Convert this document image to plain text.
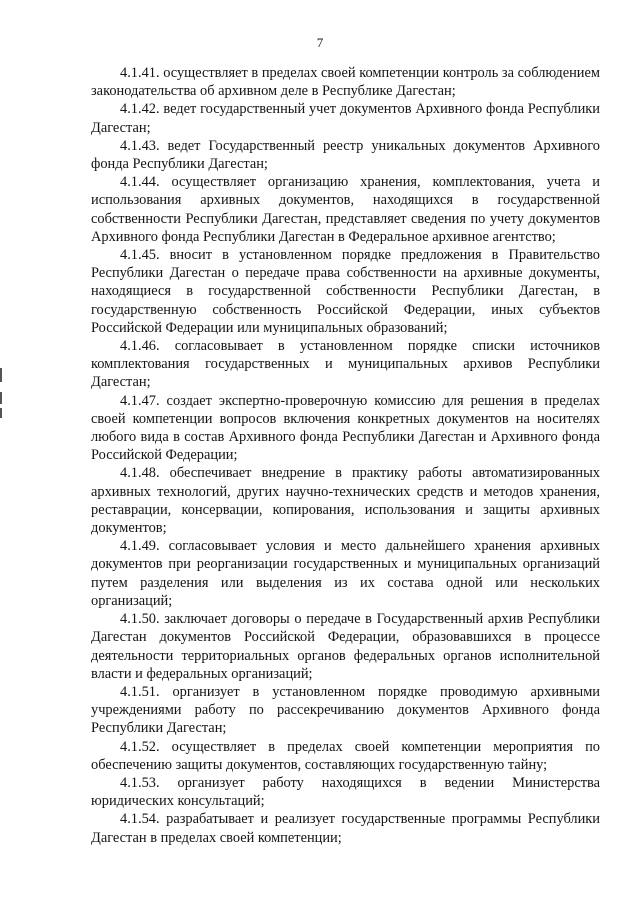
7

4.1.41. осуществляет в пределах своей компетенции контроль за соблюдением законодательства об архивном деле в Республике Дагестан;

4.1.42. ведет государственный учет документов Архивного фонда Республики Дагестан;

4.1.43. ведет Государственный реестр уникальных документов Архивного фонда Республики Дагестан;

4.1.44. осуществляет организацию хранения, комплектования, учета и использования архивных документов, находящихся в государственной собственности Республики Дагестан, представляет сведения по учету документов Архивного фонда Республики Дагестан в Федеральное архивное агентство;

4.1.45. вносит в установленном порядке предложения в Правительство Республики Дагестан о передаче права собственности на архивные документы, находящиеся в государственной собственности Республики Дагестан, в государственную собственность Российской Федерации, иных субъектов Российской Федерации или муниципальных образований;

4.1.46. согласовывает в установленном порядке списки источников комплектования государственных и муниципальных архивов Республики Дагестан;

4.1.47. создает экспертно-проверочную комиссию для решения в пределах своей компетенции вопросов включения конкретных документов на носителях любого вида в состав Архивного фонда Республики Дагестан и Архивного фонда Российской Федерации;

4.1.48. обеспечивает внедрение в практику работы автоматизированных архивных технологий, других научно-технических средств и методов хранения, реставрации, консервации, копирования, использования и защиты архивных документов;

4.1.49. согласовывает условия и место дальнейшего хранения архивных документов при реорганизации государственных и муниципальных организаций путем разделения или выделения из их состава одной или нескольких организаций;

4.1.50. заключает договоры о передаче в Государственный архив Республики Дагестан документов Российской Федерации, образовавшихся в процессе деятельности территориальных органов федеральных органов исполнительной власти и федеральных организаций;

4.1.51. организует в установленном порядке проводимую архивными учреждениями работу по рассекречиванию документов Архивного фонда Республики Дагестан;

4.1.52. осуществляет в пределах своей компетенции мероприятия по обеспечению защиты документов, составляющих государственную тайну;

4.1.53. организует работу находящихся в ведении Министерства юридических консультаций;

4.1.54. разрабатывает и реализует государственные программы Республики Дагестан в пределах своей компетенции;
